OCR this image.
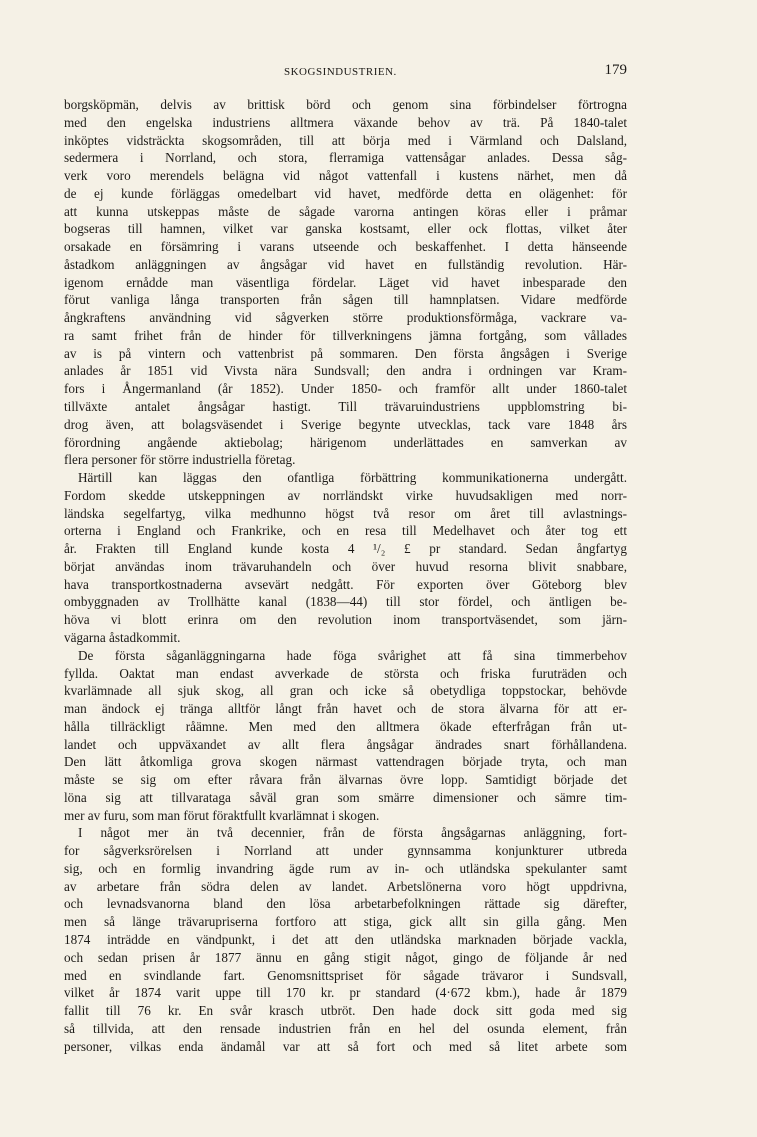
SKOGSINDUSTRIEN.	179
borgsköpmän, delvis av brittisk börd och genom sina förbindelser förtrogna
med den engelska industriens alltmera växande behov av trä. På 1840-talet
inköptes vidsträckta skogsområden, till att börja med i Värmland och Dalsland,
sedermera i Norrland, och stora, flerramiga vattensågar anlades. Dessa såg-
verk voro merendels belägna vid något vattenfall i kustens närhet, men då
de ej kunde förläggas omedelbart vid havet, medförde detta en olägenhet: för
att kunna utskeppas måste de sågade varorna antingen köras eller i pråmar
bogseras till hamnen, vilket var ganska kostsamt, eller ock flottas, vilket åter
orsakade en försämring i varans utseende och beskaffenhet. I detta hänseende
åstadkom anläggningen av ångsågar vid havet en fullständig revolution. Här-
igenom ernådde man väsentliga fördelar. Läget vid havet inbesparade den
förut vanliga långa transporten från sågen till hamnplatsen. Vidare medförde
ångkraftens användning vid sågverken större produktionsförmåga, vackrare va-
ra samt frihet från de hinder för tillverkningens jämna fortgång, som vållades
av is på vintern och vattenbrist på sommaren. Den första ångsågen i Sverige
anlades år 1851 vid Vivsta nära Sundsvall; den andra i ordningen var Kram-
fors i Ångermanland (år 1852). Under 1850- och framför allt under 1860-talet
tillväxte antalet ångsågar hastigt. Till trävaruindustriens uppblomstring bi-
drog även, att bolagsväsendet i Sverige begynte utvecklas, tack vare 1848 års
förordning angående aktiebolag; härigenom underlättades en samverkan av
flera personer för större industriella företag.
Härtill kan läggas den ofantliga förbättring kommunikationerna undergått.
Fordom skedde utskeppningen av norrländskt virke huvudsakligen med norr-
ländska segelfartyg, vilka medhunno högst två resor om året till avlastnings-
orterna i England och Frankrike, och en resa till Medelhavet och åter tog ett
år. Frakten till England kunde kosta 4 ¹/₂ £ pr standard. Sedan ångfartyg
börjat användas inom trävaruhandeln och över huvud resorna blivit snabbare,
hava transportkostnaderna avsevärt nedgått. För exporten över Göteborg blev
ombyggnaden av Trollhätte kanal (1838—44) till stor fördel, och äntligen be-
höva vi blott erinra om den revolution inom transportväsendet, som järn-
vägarna åstadkommit.
De första såganläggningarna hade föga svårighet att få sina timmerbehov
fyllda. Oaktat man endast avverkade de största och friska furuträden och
kvarlämnade all sjuk skog, all gran och icke så obetydliga toppstockar, behövde
man ändock ej tränga alltför långt från havet och de stora älvarna för att er-
hålla tillräckligt råämne. Men med den alltmera ökade efterfrågan från ut-
landet och uppväxandet av allt flera ångsågar ändrades snart förhållandena.
Den lätt åtkomliga grova skogen närmast vattendragen började tryta, och man
måste se sig om efter råvara från älvarnas övre lopp. Samtidigt började det
löna sig att tillvarataga såväl gran som smärre dimensioner och sämre tim-
mer av furu, som man förut föraktfullt kvarlämnat i skogen.
I något mer än två decennier, från de första ångsågarnas anläggning, fort-
for sågverksrörelsen i Norrland att under gynnsamma konjunkturer utbreda
sig, och en formlig invandring ägde rum av in- och utländska spekulanter samt
av arbetare från södra delen av landet. Arbetslönerna voro högt uppdrivna,
och levnadsvanorna bland den lösa arbetarbefolkningen rättade sig därefter,
men så länge trävarupriserna fortforo att stiga, gick allt sin gilla gång. Men
1874 inträdde en vändpunkt, i det att den utländska marknaden började vackla,
och sedan prisen år 1877 ännu en gång stigit något, gingo de följande år ned
med en svindlande fart. Genomsnittspriset för sågade trävaror i Sundsvall,
vilket år 1874 varit uppe till 170 kr. pr standard (4·672 kbm.), hade år 1879
fallit till 76 kr. En svår krasch utbröt. Den hade dock sitt goda med sig
så tillvida, att den rensade industrien från en hel del osunda element, från
personer, vilkas enda ändamål var att så fort och med så litet arbete som
